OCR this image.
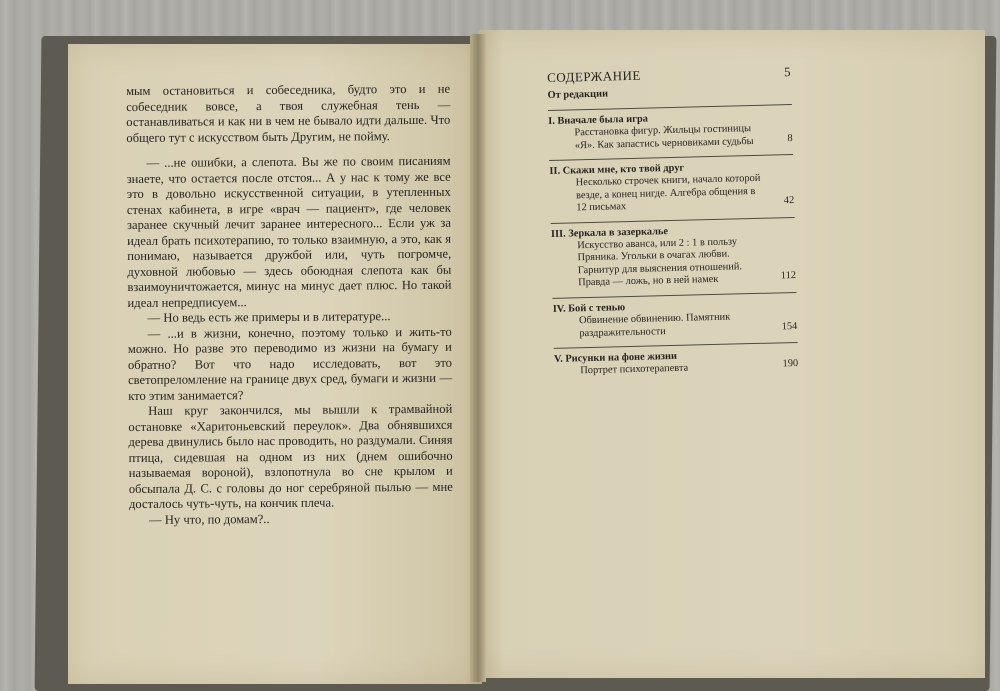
мым остановиться и собеседника, будто это и не собеседник вовсе, а твоя служебная тень — останавливаться и как ни в чем не бывало идти дальше. Что общего тут с искусством быть Другим, не пойму.

— ...не ошибки, а слепота. Вы же по своим писаниям знаете, что остается после отстоя... А у нас к тому же все это в довольно искусственной ситуации, в утепленных стенах кабинета, в игре «врач — пациент», где человек заранее скучный лечит заранее интересного... Если уж за идеал брать психотерапию, то только взаимную, а это, как я понимаю, называется дружбой или, чуть погромче, духовной любовью — здесь обоюдная слепота как бы взаимоуничтожается, минус на минус дает плюс. Но такой идеал непредписуем...

— Но ведь есть же примеры и в литературе...

— ...и в жизни, конечно, поэтому только и жить-то можно. Но разве это переводимо из жизни на бумагу и обратно? Вот что надо исследовать, вот это светопреломление на границе двух сред, бумаги и жизни — кто этим занимается?

Наш круг закончился, мы вышли к трамвайной остановке «Харитоньевский переулок». Два обнявшихся дерева двинулись было нас проводить, но раздумали. Синяя птица, сидевшая на одном из них (днем ошибочно называемая вороной), взлопотнула во сне крылом и обсыпала Д. С. с головы до ног серебряной пылью — мне досталось чуть-чуть, на кончик плеча.

— Ну что, по домам?..

СОДЕРЖАНИЕ	5
От редакции
I. Вначале была игра
Расстановка фигур. Жильцы гостиницы «Я». Как запастись черновиками судьбы	8
II. Скажи мне, кто твой друг
Несколько строчек книги, начало которой везде, а конец нигде. Алгебра общения в 12 письмах
42
III. Зеркала в зазеркалье
Искусство аванса, или 2 : 1 в пользу Пряника. Угольки в очагах любви. Гарнитур для выяснения отношений. Правда — ложь, но в ней намек	112
IV. Бой с тенью
Обвинение обвинению. Памятник раздражительности	154
V. Рисунки на фоне жизни
Портрет психотерапевта	190
